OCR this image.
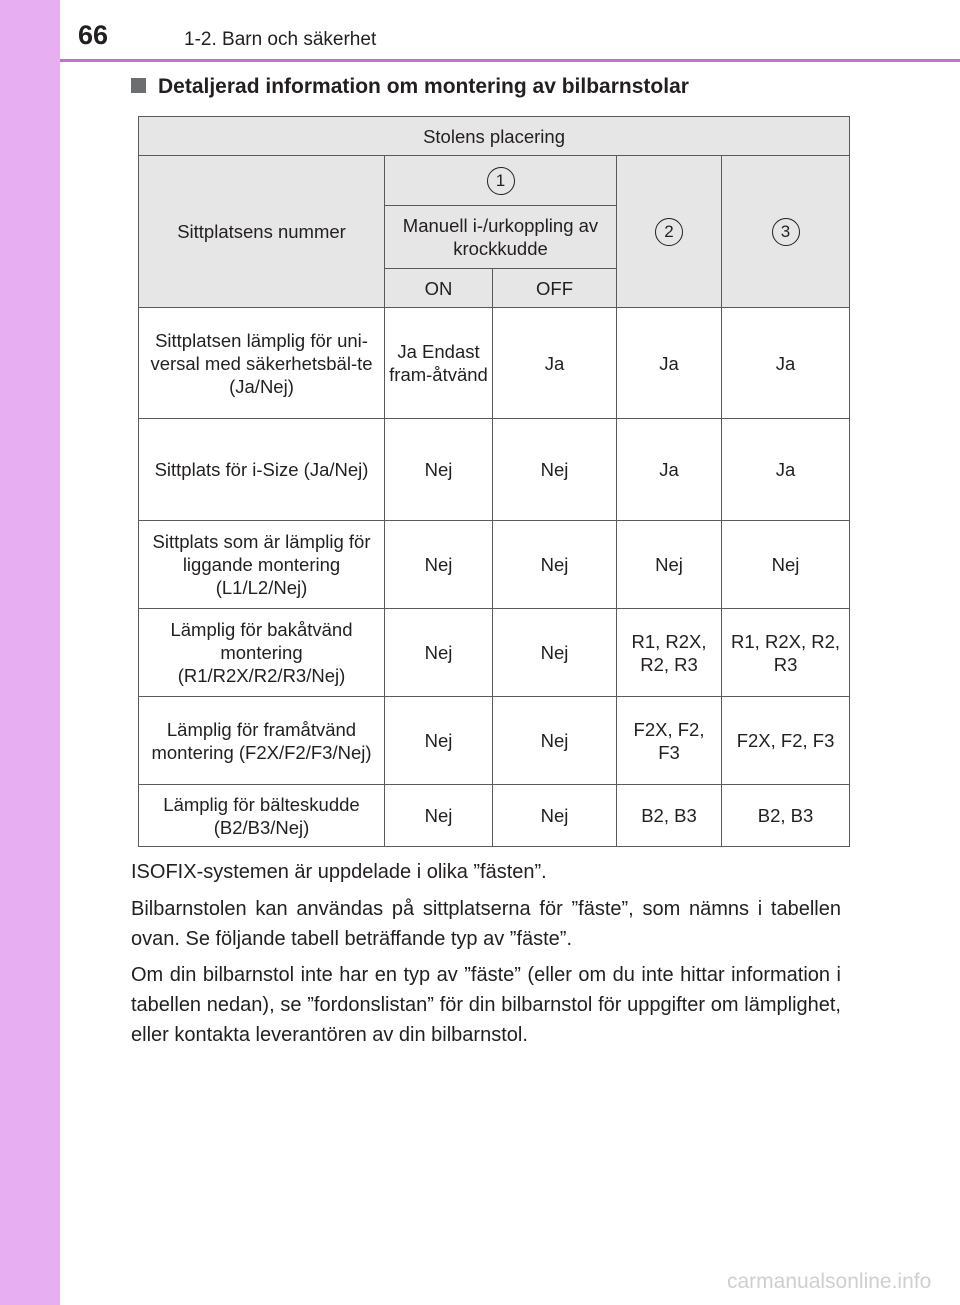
66	1-2. Barn och säkerhet
Detaljerad information om montering av bilbarnstolar
Stolens placering				
Sittplatsens nummer	1		2	3
	Manuell i-/urkoppling av krockkudde			
	ON	OFF		
Sittplatsen lämplig för uni-versal med säkerhetsbäl-te (Ja/Nej)	Ja Endast fram-åtvänd	Ja	Ja	Ja
Sittplats för i-Size (Ja/Nej)	Nej	Nej	Ja	Ja
Sittplats som är lämplig för liggande montering (L1/L2/Nej)	Nej	Nej	Nej	Nej
Lämplig för bakåtvänd montering (R1/R2X/R2/R3/Nej)	Nej	Nej	R1, R2X, R2, R3	R1, R2X, R2, R3
Lämplig för framåtvänd montering (F2X/F2/F3/Nej)	Nej	Nej	F2X, F2, F3	F2X, F2, F3
Lämplig för bälteskudde (B2/B3/Nej)	Nej	Nej	B2, B3	B2, B3
ISOFIX-systemen är uppdelade i olika ”fästen”.
Bilbarnstolen kan användas på sittplatserna för ”fäste”, som nämns i tabellen ovan. Se följande tabell beträffande typ av ”fäste”.
Om din bilbarnstol inte har en typ av ”fäste” (eller om du inte hittar information i tabellen nedan), se ”fordonslistan” för din bilbarnstol för uppgifter om lämplighet, eller kontakta leverantören av din bilbarnstol.
carmanualsonline.info
